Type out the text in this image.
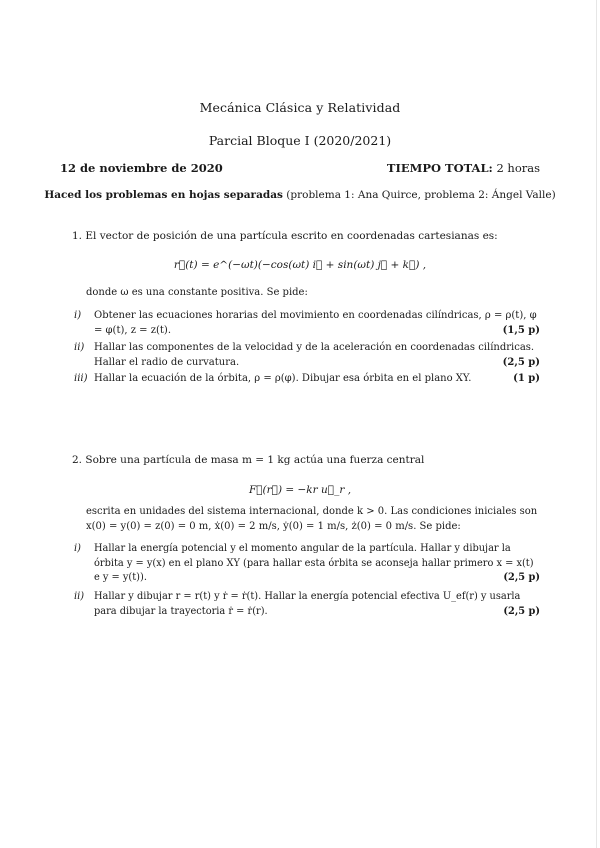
Mecánica Clásica y Relatividad
Parcial Bloque I (2020/2021)
12 de noviembre de 2020	TIEMPO TOTAL: 2 horas
Haced los problemas en hojas separadas (problema 1: Ana Quirce, problema 2: Ángel Valle)
1. El vector de posición de una partícula escrito en coordenadas cartesianas es:
r⃗(t) = e^(−ωt)(−cos(ωt) i⃗ + sin(ωt) j⃗ + k⃗) ,
donde ω es una constante positiva. Se pide:
i) Obtener las ecuaciones horarias del movimiento en coordenadas cilíndricas, ρ = ρ(t), φ = φ(t), z = z(t).	(1,5 p)
ii) Hallar las componentes de la velocidad y de la aceleración en coordenadas cilíndricas. Hallar el radio de curvatura.	(2,5 p)
iii) Hallar la ecuación de la órbita, ρ = ρ(φ). Dibujar esa órbita en el plano XY.	(1 p)
2. Sobre una partícula de masa m = 1 kg actúa una fuerza central
F⃗(r⃗) = −kr u⃗_r ,
escrita en unidades del sistema internacional, donde k > 0. Las condiciones iniciales son x(0) = y(0) = z(0) = 0 m, ẋ(0) = 2 m/s, ẏ(0) = 1 m/s, ż(0) = 0 m/s. Se pide:
i) Hallar la energía potencial y el momento angular de la partícula. Hallar y dibujar la órbita y = y(x) en el plano XY (para hallar esta órbita se aconseja hallar primero x = x(t) e y = y(t)).	(2,5 p)
ii) Hallar y dibujar r = r(t) y ṙ = ṙ(t). Hallar la energía potencial efectiva U_ef(r) y usarla para dibujar la trayectoria ṙ = ṙ(r).	(2,5 p)
